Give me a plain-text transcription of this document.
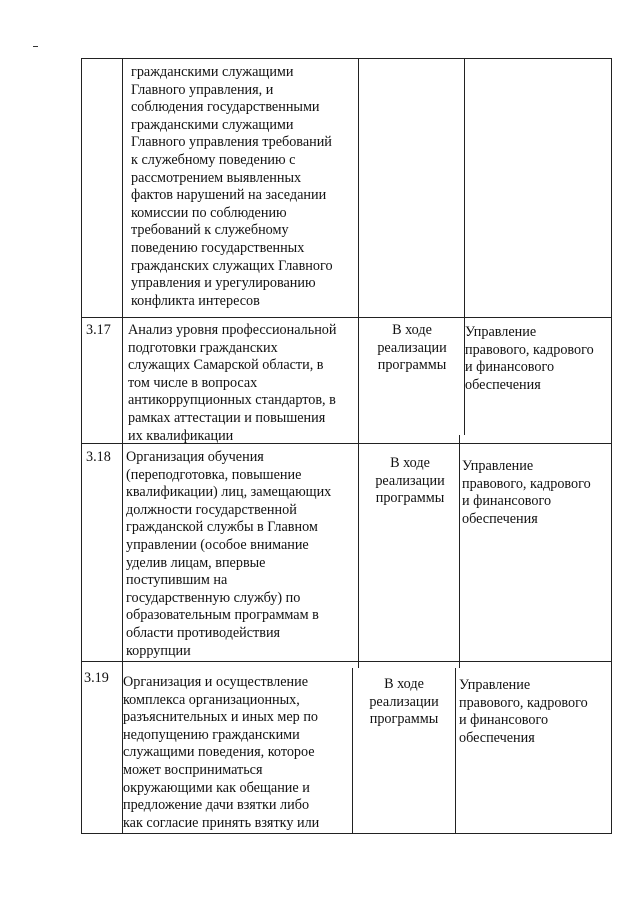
гражданскими служащими
Главного управления, и
соблюдения государственными
гражданскими служащими
Главного управления требований
к служебному поведению с
рассмотрением выявленных
фактов нарушений на заседании
комиссии по соблюдению
требований к служебному
поведению государственных
гражданских служащих Главного
управления и урегулированию
конфликта интересов
3.17 Анализ уровня профессиональной
подготовки гражданских
служащих Самарской области, в
том числе в вопросах
антикоррупционных стандартов, в
рамках аттестации и повышения
их квалификации
В ходе
реализации
программы
Управление
правового, кадрового
и финансового
обеспечения
3.18 Организация обучения
(переподготовка, повышение
квалификации) лиц, замещающих
должности государственной
гражданской службы в Главном
управлении (особое внимание
уделив лицам, впервые
поступившим на
государственную службу) по
образовательным программам в
области противодействия
коррупции
В ходе
реализации
программы
Управление
правового, кадрового
и финансового
обеспечения
3.19 Организация и осуществление
комплекса организационных,
разъяснительных и иных мер по
недопущению гражданскими
служащими поведения, которое
может восприниматься
окружающими как обещание и
предложение дачи взятки либо
как согласие принять взятку или
В ходе
реализации
программы
Управление
правового, кадрового
и финансового
обеспечения
